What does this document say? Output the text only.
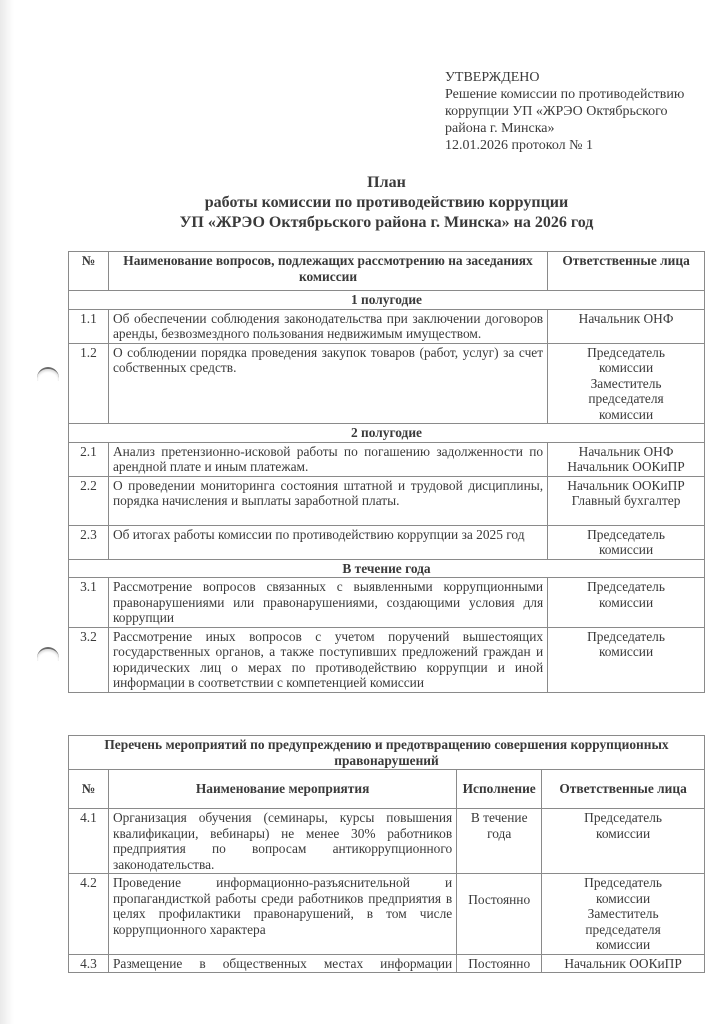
УТВЕРЖДЕНО
Решение комиссии по противодействию
коррупции УП «ЖРЭО Октябрьского
района г. Минска»
12.01.2026 протокол № 1
План
работы комиссии по противодействию коррупции
УП «ЖРЭО Октябрьского района г. Минска» на 2026 год
№	Наименование вопросов, подлежащих рассмотрению на заседаниях комиссии	Ответственные лица
1 полугодие		
1.1	Об обеспечении соблюдения законодательства при заключении договоров аренды, безвозмездного пользования недвижимым имуществом.	Начальник ОНФ

1.2	О соблюдении порядка проведения закупок товаров (работ, услуг) за счет собственных средств.	Председатель
комиссии
Заместитель
председателя
комиссии

2 полугодие		
2.1	Анализ претензионно-исковой работы по погашению задолженности по арендной плате и иным платежам.	Начальник ОНФ
Начальник ООКиПР

2.2	О проведении мониторинга состояния штатной и трудовой дисциплины, порядка начисления и выплаты заработной платы.	Начальник ООКиПР
Главный бухгалтер

2.3	Об итогах работы комиссии по противодействию коррупции за 2025 год	Председатель
комиссии

В течение года		
3.1	Рассмотрение вопросов связанных с выявленными коррупционными правонарушениями или правонарушениями, создающими условия для коррупции	Председатель
комиссии

3.2	Рассмотрение иных вопросов с учетом поручений вышестоящих государственных органов, а также поступивших предложений граждан и юридических лиц о мерах по противодействию коррупции и иной информации в соответствии с компетенцией комиссии	Председатель
комиссии
Перечень мероприятий по предупреждению и предотвращению совершения коррупционных правонарушений			
№	Наименование мероприятия	Исполнение	Ответственные лица
4.1	Организация обучения (семинары, курсы повышения квалификации, вебинары) не менее 30% работников предприятия по вопросам антикоррупционного законодательства.	В течение года	Председатель
комиссии

4.2	Проведение информационно-разъяснительной и пропагандисткой работы среди работников предприятия в целях профилактики правонарушений, в том числе коррупционного характера	Постоянно	Председатель
комиссии
Заместитель
председателя
комиссии

4.3	Размещение в общественных местах информации	Постоянно	Начальник ООКиПР
